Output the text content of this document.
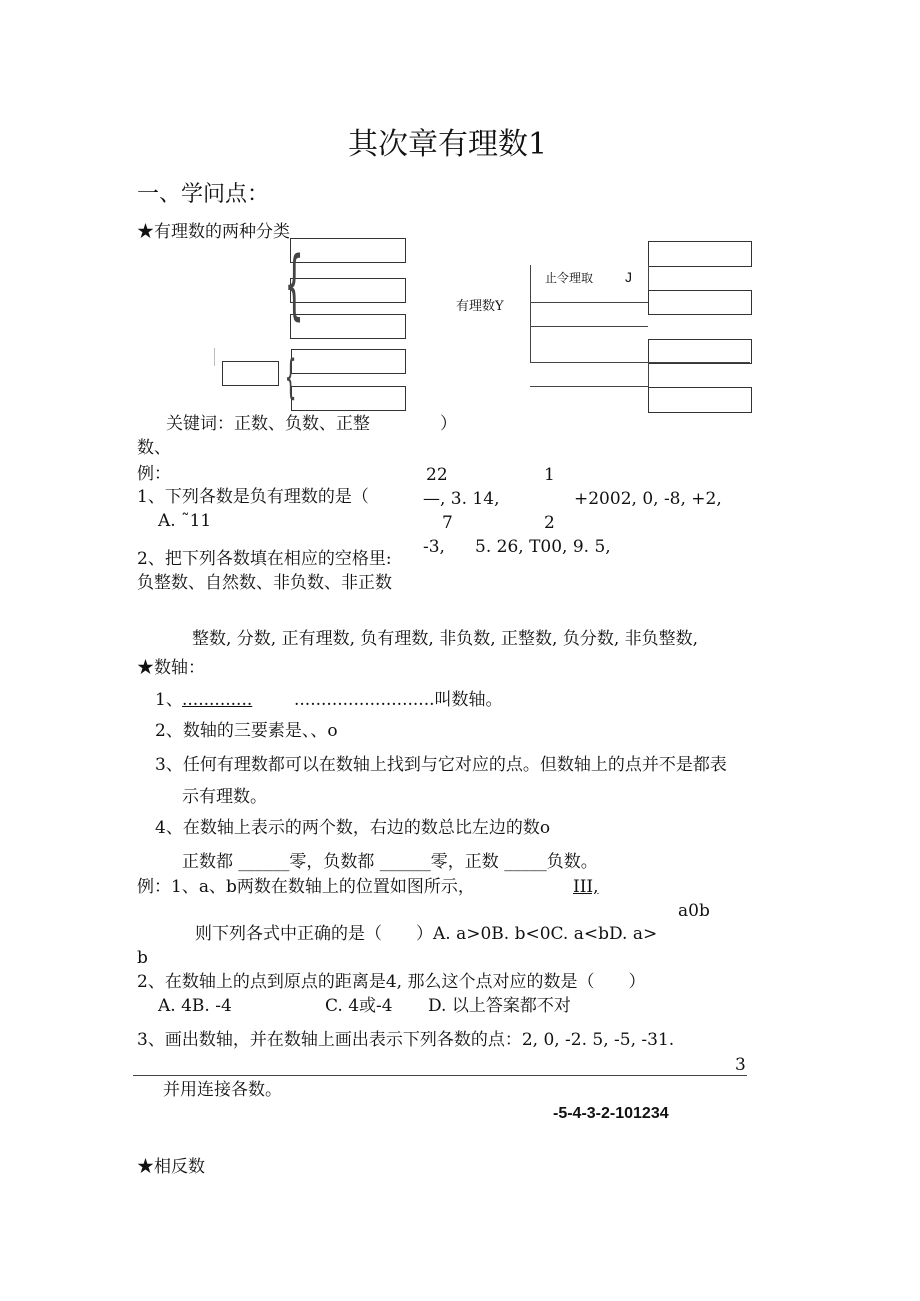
其次章有理数1
一、学问点：
★有理数的两种分类
{
{
有理数Y
止令理取 J
关键词：正数、负数、正整	）
数、
例：
1、下列各数是负有理数的是（
A. ˜11
22
—, 3. 14,
7
1
+2002, 0, -8, +2,
2
-3, 5. 26, T00, 9. 5,
2、把下列各数填在相应的空格里:
负整数、自然数、非负数、非正数
整数, 分数, 正有理数, 负有理数, 非负数, 正整数, 负分数, 非负整数,
★数轴：
1、 ............. ..........................叫数轴。
2、数轴的三要素是、、o
3、任何有理数都可以在数轴上找到与它对应的点。但数轴上的点并不是都表
示有理数。
4、在数轴上表示的两个数，右边的数总比左边的数o
正数都 ______零，负数都 ______零，正数 _____负数。
例：1、a、b两数在数轴上的位置如图所示，	III,
a0b
则下列各式中正确的是（　　）A. a>0B. b<0C. a<bD. a>
b
2、在数轴上的点到原点的距离是4, 那么这个点对应的数是（　　）
A. 4B. -4	C. 4或-4 D. 以上答案都不对
3、画出数轴，并在数轴上画出表示下列各数的点：2, 0, -2. 5, -5, -31.
3
并用连接各数。
-5-4-3-2-101234
★相反数
